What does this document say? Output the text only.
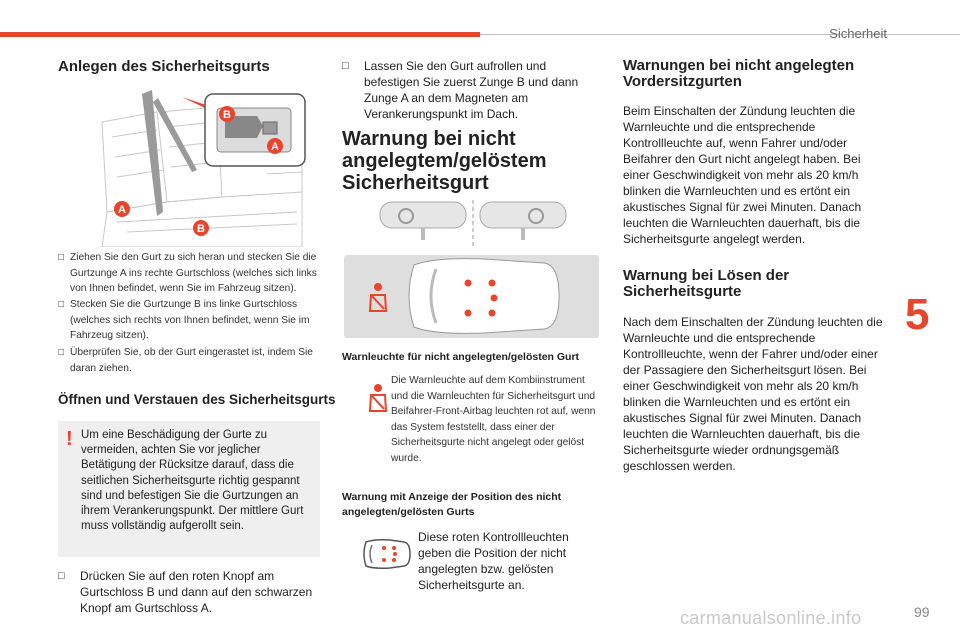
Sicherheit
5
99
carmanualsonline.info
Anlegen des Sicherheitsgurts
B
A
A
B
□ Ziehen Sie den Gurt zu sich heran und stecken Sie die Gurtzunge A ins rechte Gurtschloss (welches sich links von Ihnen befindet, wenn Sie im Fahrzeug sitzen).
□ Stecken Sie die Gurtzunge B ins linke Gurtschloss (welches sich rechts von Ihnen befindet, wenn Sie im Fahrzeug sitzen).
□ Überprüfen Sie, ob der Gurt eingerastet ist, indem Sie daran ziehen.
Öffnen und Verstauen des Sicherheitsgurts
! Um eine Beschädigung der Gurte zu vermeiden, achten Sie vor jeglicher Betätigung der Rücksitze darauf, dass die seitlichen Sicherheitsgurte richtig gespannt sind und befestigen Sie die Gurtzungen an ihrem Verankerungspunkt. Der mittlere Gurt muss vollständig aufgerollt sein.
□ Drücken Sie auf den roten Knopf am Gurtschloss B und dann auf den schwarzen Knopf am Gurtschloss A.
□ Lassen Sie den Gurt aufrollen und befestigen Sie zuerst Zunge B und dann Zunge A an dem Magneten am Verankerungspunkt im Dach.
Warnung bei nicht angelegtem/gelöstem Sicherheitsgurt
Warnleuchte für nicht angelegten/gelösten Gurt
Die Warnleuchte auf dem Kombiinstrument und die Warnleuchten für Sicherheitsgurt und Beifahrer-Front-Airbag leuchten rot auf, wenn das System feststellt, dass einer der Sicherheitsgurte nicht angelegt oder gelöst wurde.
Warnung mit Anzeige der Position des nicht angelegten/gelösten Gurts
Diese roten Kontrollleuchten geben die Position der nicht angelegten bzw. gelösten Sicherheitsgurte an.
Warnungen bei nicht angelegten Vordersitzgurten
Beim Einschalten der Zündung leuchten die Warnleuchte und die entsprechende Kontrollleuchte auf, wenn Fahrer und/oder Beifahrer den Gurt nicht angelegt haben. Bei einer Geschwindigkeit von mehr als 20 km/h blinken die Warnleuchten und es ertönt ein akustisches Signal für zwei Minuten. Danach leuchten die Warnleuchten dauerhaft, bis die Sicherheitsgurte angelegt werden.
Warnung bei Lösen der Sicherheitsgurte
Nach dem Einschalten der Zündung leuchten die Warnleuchte und die entsprechende Kontrollleuchte, wenn der Fahrer und/oder einer der Passagiere den Sicherheitsgurt lösen. Bei einer Geschwindigkeit von mehr als 20 km/h blinken die Warnleuchten und es ertönt ein akustisches Signal für zwei Minuten. Danach leuchten die Warnleuchten dauerhaft, bis die Sicherheitsgurte wieder ordnungsgemäß geschlossen werden.
